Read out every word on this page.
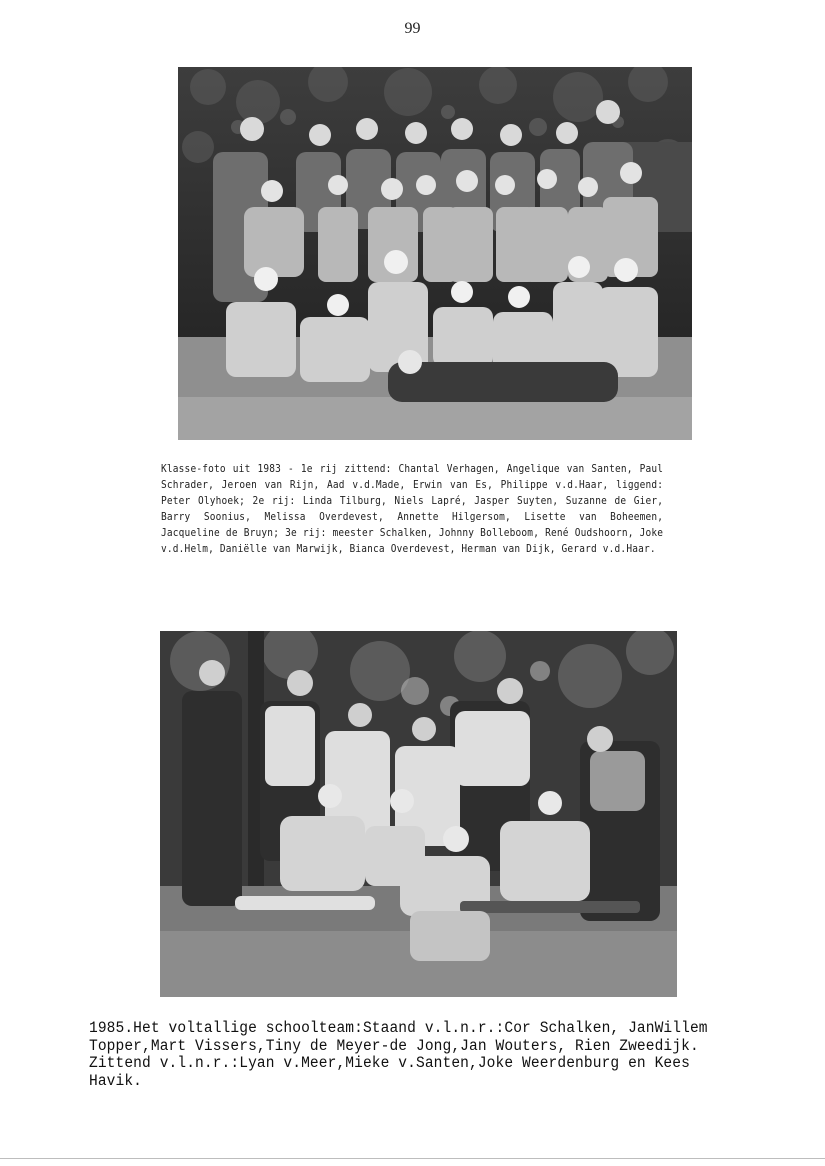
99
Klasse-foto uit 1983 - 1e rij zittend: Chantal Verhagen, Angelique van Santen, Paul Schrader, Jeroen van Rijn, Aad v.d.Made, Erwin van Es, Philippe v.d.Haar, liggend: Peter Olyhoek; 2e rij: Linda Tilburg, Niels Lapré, Jasper Suyten, Suzanne de Gier, Barry Soonius, Melissa Overdevest, Annette Hilgersom, Lisette van Boheemen, Jacqueline de Bruyn; 3e rij: meester Schalken, Johnny Bolleboom, René Oudshoorn, Joke v.d.Helm, Daniëlle van Marwijk, Bianca Overdevest, Herman van Dijk, Gerard v.d.Haar.
1985.Het voltallige schoolteam:Staand v.l.n.r.:Cor Schalken, JanWillem Topper,Mart Vissers,Tiny de Meyer-de Jong,Jan Wouters, Rien Zweedijk. Zittend v.l.n.r.:Lyan v.Meer,Mieke v.Santen,Joke Weerdenburg en Kees Havik.
